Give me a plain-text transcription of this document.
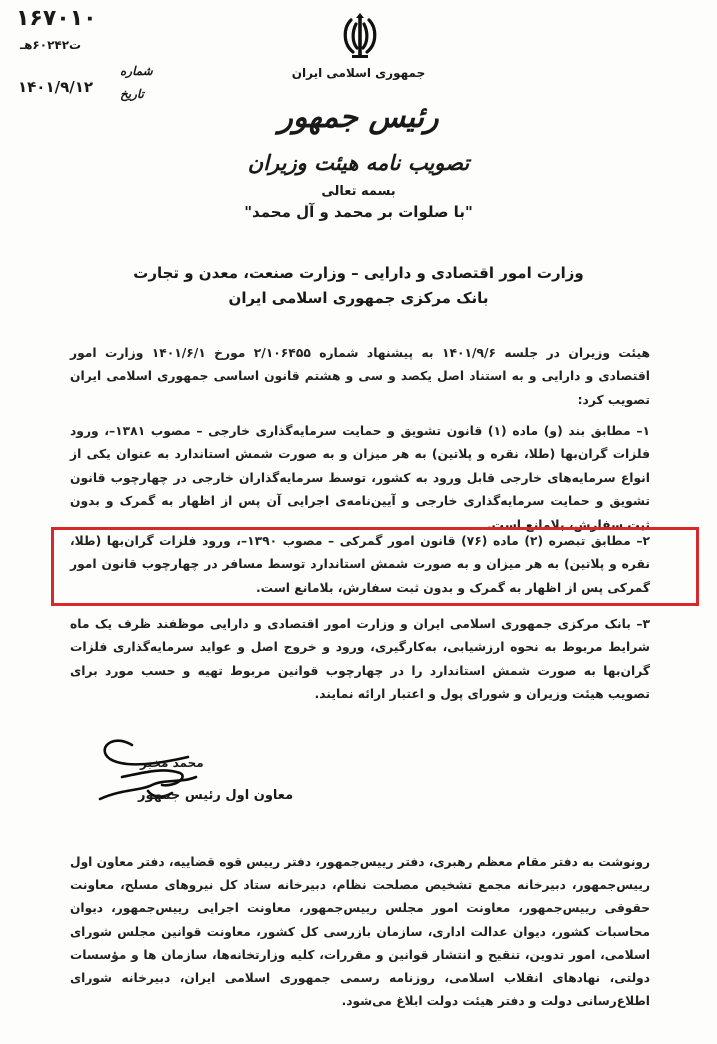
۱۶۷۰۱۰
ت۶۰۲۴۲هـ
شماره
تاریخ
۱۴۰۱/۹/۱۲
جمهوری اسلامی ایران
رئیس جمهور
تصویب نامه هیئت وزیران
بسمه تعالی
"با صلوات بر محمد و آل محمد"
وزارت امور اقتصادی و دارایی – وزارت صنعت، معدن و تجارت
بانک مرکزی جمهوری اسلامی ایران
هیئت وزیران در جلسه ۱۴۰۱/۹/۶ به پیشنهاد شماره ۲/۱۰۶۴۵۵ مورخ ۱۴۰۱/۶/۱ وزارت امور اقتصادی و دارایی و به استناد اصل یکصد و سی و هشتم قانون اساسی جمهوری اسلامی ایران تصویب کرد:
۱– مطابق بند (و) ماده (۱) قانون تشویق و حمایت سرمایه‌گذاری خارجی – مصوب ۱۳۸۱–، ورود فلزات گران‌بها (طلا، نقره و پلاتین) به هر میزان و به صورت شمش استاندارد به عنوان یکی از انواع سرمایه‌های خارجی قابل ورود به کشور، توسط سرمایه‌گذاران خارجی در چهارچوب قانون تشویق و حمایت سرمایه‌گذاری خارجی و آیین‌نامه‌ی اجرایی آن پس از اظهار به گمرک و بدون ثبت سفارش، بلامانع است.
۲– مطابق تبصره (۲) ماده (۷۶) قانون امور گمرکی – مصوب ۱۳۹۰–، ورود فلزات گران‌بها (طلا، نقره و پلاتین) به هر میزان و به صورت شمش استاندارد توسط مسافر در چهارچوب قانون امور گمرکی پس از اظهار به گمرک و بدون ثبت سفارش، بلامانع است.
۳– بانک مرکزی جمهوری اسلامی ایران و وزارت امور اقتصادی و دارایی موظفند ظرف یک ماه شرایط مربوط به نحوه ارزشیابی، به‌کارگیری، ورود و خروج اصل و عواید سرمایه‌گذاری فلزات گران‌بها به صورت شمش استاندارد را در چهارچوب قوانین مربوط تهیه و حسب مورد برای تصویب هیئت وزیران و شورای پول و اعتبار ارائه نمایند.
محمد مخبر
معاون اول رئیس جمهور
رونوشت به دفتر مقام معظم رهبری، دفتر رییس‌جمهور، دفتر رییس قوه قضاییه، دفتر معاون اول رییس‌جمهور، دبیرخانه مجمع تشخیص مصلحت نظام، دبیرخانه ستاد کل نیروهای مسلح، معاونت حقوقی رییس‌جمهور، معاونت امور مجلس رییس‌جمهور، معاونت اجرایی رییس‌جمهور، دیوان محاسبات کشور، دیوان عدالت اداری، سازمان بازرسی کل کشور، معاونت قوانین مجلس شورای اسلامی، امور تدوین، تنقیح و انتشار قوانین و مقررات، کلیه وزارتخانه‌ها، سازمان ها و مؤسسات دولتی، نهادهای انقلاب اسلامی، روزنامه رسمی جمهوری اسلامی ایران، دبیرخانه شورای اطلاع‌رسانی دولت و دفتر هیئت دولت ابلاغ می‌شود.
